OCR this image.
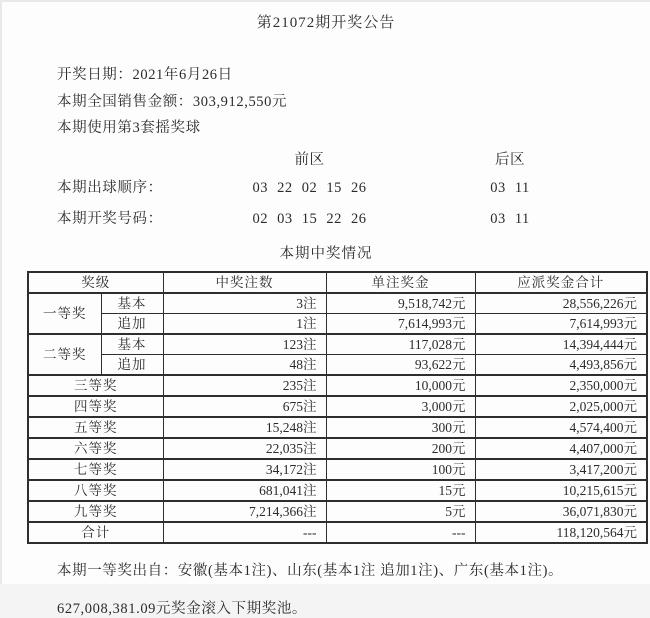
第21072期开奖公告
开奖日期：2021年6月26日
本期全国销售金额：303,912,550元
本期使用第3套摇奖球
前区	后区
本期出球顺序：	03 22 02 15 26	03 11
本期开奖号码：	02 03 15 22 26	03 11
本期中奖情况
奖级		中奖注数	单注奖金	应派奖金合计
一等奖	基本	3注	9,518,742元	28,556,226元
	追加	1注	7,614,993元	7,614,993元
二等奖	基本	123注	117,028元	14,394,444元
	追加	48注	93,622元	4,493,856元
三等奖		235注	10,000元	2,350,000元
四等奖		675注	3,000元	2,025,000元
五等奖		15,248注	300元	4,574,400元
六等奖		22,035注	200元	4,407,000元
七等奖		34,172注	100元	3,417,200元
八等奖		681,041注	15元	10,215,615元
九等奖		7,214,366注	5元	36,071,830元
合计		---	---	118,120,564元
本期一等奖出自：安徽(基本1注)、山东(基本1注 追加1注)、广东(基本1注)。
627,008,381.09元奖金滚入下期奖池。
